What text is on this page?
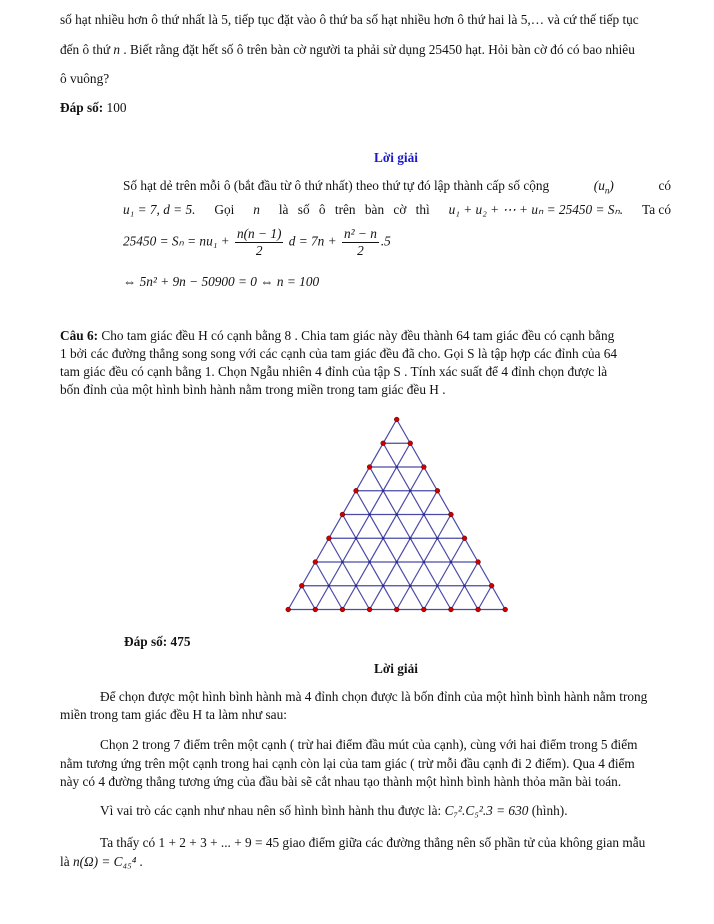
số hạt nhiều hơn ô thứ nhất là 5, tiếp tục đặt vào ô thứ ba số hạt nhiều hơn ô thứ hai là 5,… và cứ thế tiếp tục
đến ô thứ n . Biết rằng đặt hết số ô trên bàn cờ người ta phải sử dụng 25450 hạt. Hỏi bàn cờ đó có bao nhiêu
ô vuông?
Đáp số: 100
Lời giải
Số hạt dẻ trên mỗi ô (bắt đầu từ ô thứ nhất) theo thứ tự đó lập thành cấp số cộng	$(u_n)$	có
u₁ = 7, d = 5. Gọi n là số ô trên bàn cờ thì u₁ + u₂ + ⋯ + uₙ = 25450 = Sₙ. Ta có
$25450 = S_n = nu_1 + \frac{n(n - 1)}{2}$ $d = 7n + \frac{\text{n² − n}}{2} .5$
⇔ 5n² + 9n − 50900 = 0 ⇔ n = 100
Câu 6: Cho tam giác đều H có cạnh bằng 8 . Chia tam giác này đều thành 64 tam giác đều có cạnh bằng
1 bởi các đường thẳng song song với các cạnh của tam giác đều đã cho. Gọi S là tập hợp các đỉnh của 64
tam giác đều có cạnh bằng 1. Chọn Ngẫu nhiên 4 đỉnh của tập S . Tính xác suất để 4 đỉnh chọn được là
bốn đỉnh của một hình bình hành nằm trong miền trong tam giác đều H .
Đáp số: 475
Lời giải
Để chọn được một hình bình hành mà 4 đỉnh chọn được là bốn đỉnh của một hình bình hành nằm trong
miền trong tam giác đều H ta làm như sau:
Chọn 2 trong 7 điểm trên một cạnh ( trừ hai điểm đầu mút của cạnh), cùng với hai điểm trong 5 điểm
nằm tương ứng trên một cạnh trong hai cạnh còn lại của tam giác ( trừ mỗi đầu cạnh đi 2 điểm). Qua 4 điểm
này có 4 đường thẳng tương ứng của đầu bài sẽ cắt nhau tạo thành một hình bình hành thỏa mãn bài toán.
Vì vai trò các cạnh như nhau nên số hình bình hành thu được là: C₇².C₅².3 = 630 (hình).
Ta thấy có 1 + 2 + 3 + ... + 9 = 45 giao điểm giữa các đường thẳng nên số phần tử của không gian mẫu
là n(Ω) = C₄₅⁴ .
